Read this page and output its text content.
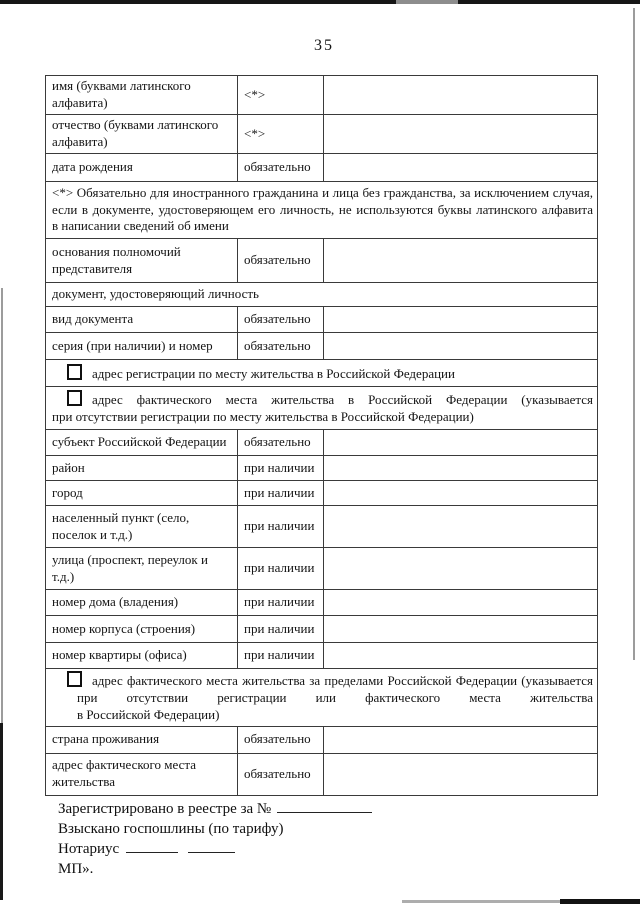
35
имя (буквами латинского алфавита)	<*>	
отчество (буквами латинского алфавита)	<*>	
дата рождения	обязательно	

<*> Обязательно для иностранного гражданина и лица без гражданства, за исключением случая,
если в документе, удостоверяющем его личность, не используются буквы латинского алфавита
в написании сведений об имени		

основания полномочий представителя	обязательно	
документ, удостоверяющий личность		
вид документа	обязательно	
серия (при наличии) и номер	обязательно	

адрес регистрации по месту жительства в Российской Федерации		

адрес фактического места жительства в Российской Федерации (указывается
при отсутствии регистрации по месту жительства в Российской Федерации)		

субъект Российской Федерации	обязательно	
район	при наличии	
город	при наличии	
населенный пункт (село, поселок и т.д.)	при наличии	
улица (проспект, переулок и т.д.)	при наличии	
номер дома (владения)	при наличии	
номер корпуса (строения)	при наличии	
номер квартиры (офиса)	при наличии	

адрес фактического места жительства за пределами Российской Федерации (указывается
при отсутствии регистрации или фактического места жительства
в Российской Федерации)		

страна проживания	обязательно	
адрес фактического места жительства	обязательно	
Зарегистрировано в реестре за №
Взыскано госпошлины (по тарифу)
Нотариус
МП».
